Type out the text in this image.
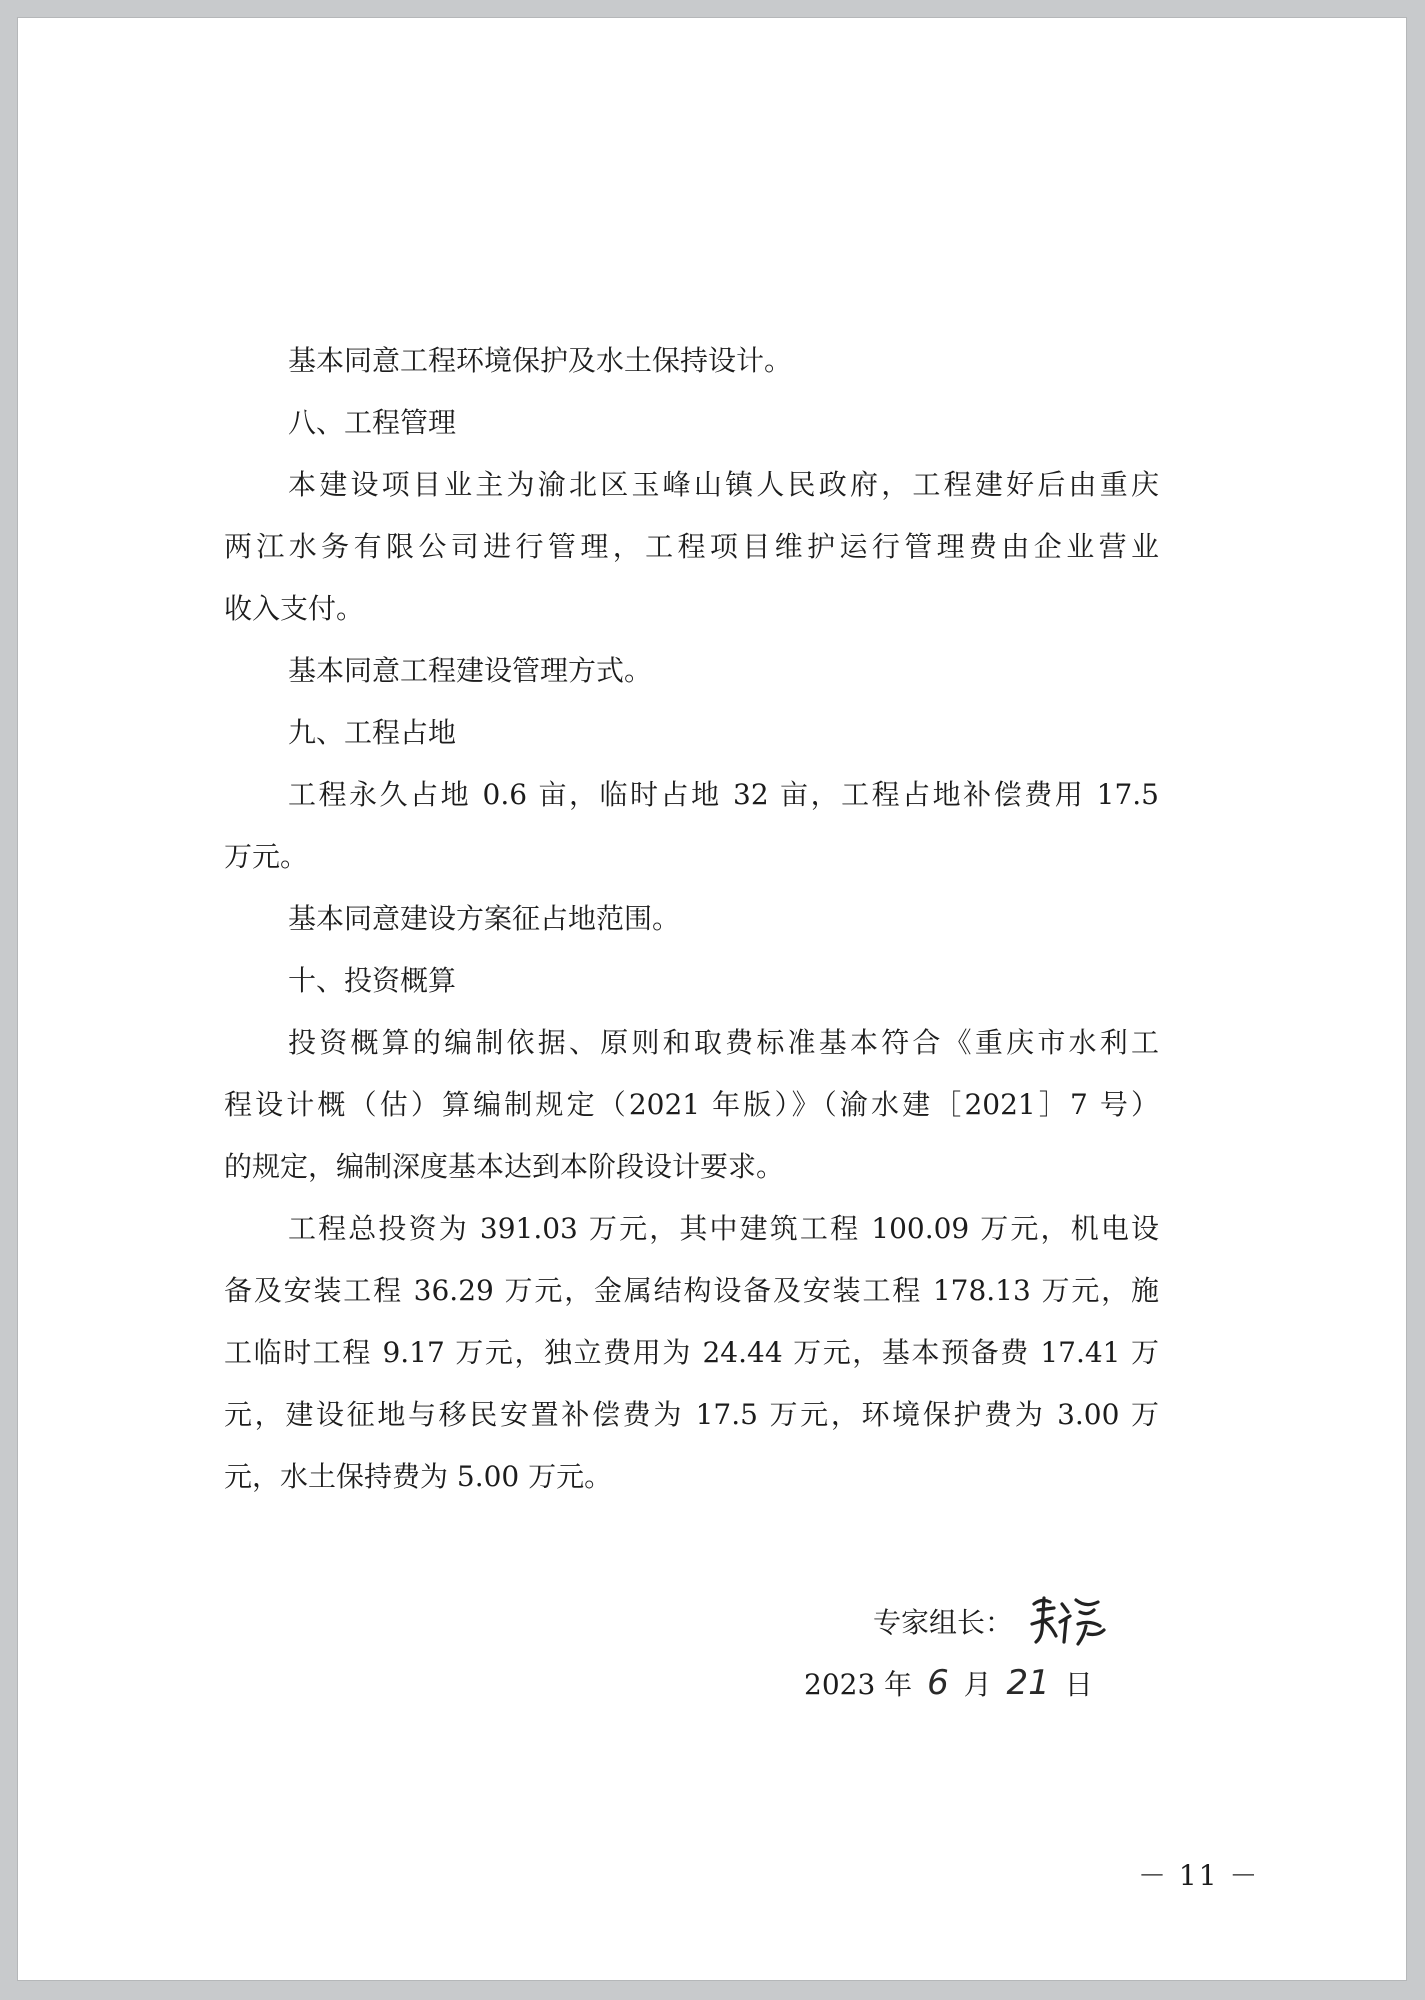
基本同意工程环境保护及水土保持设计。
八、工程管理
本建设项目业主为渝北区玉峰山镇人民政府，工程建好后由重庆
两江水务有限公司进行管理，工程项目维护运行管理费由企业营业
收入支付。
基本同意工程建设管理方式。
九、工程占地
工程永久占地 0.6 亩，临时占地 32 亩，工程占地补偿费用 17.5
万元。
基本同意建设方案征占地范围。
十、投资概算
投资概算的编制依据、原则和取费标准基本符合《重庆市水利工
程设计概（估）算编制规定（2021 年版）》（渝水建［2021］7 号）
的规定，编制深度基本达到本阶段设计要求。
工程总投资为 391.03 万元，其中建筑工程 100.09 万元，机电设
备及安装工程 36.29 万元，金属结构设备及安装工程 178.13 万元，施
工临时工程 9.17 万元，独立费用为 24.44 万元，基本预备费 17.41 万
元，建设征地与移民安置补偿费为 17.5 万元，环境保护费为 3.00 万
元，水土保持费为 5.00 万元。
专家组长：
2023 年 6 月 21 日
－ 11 －
